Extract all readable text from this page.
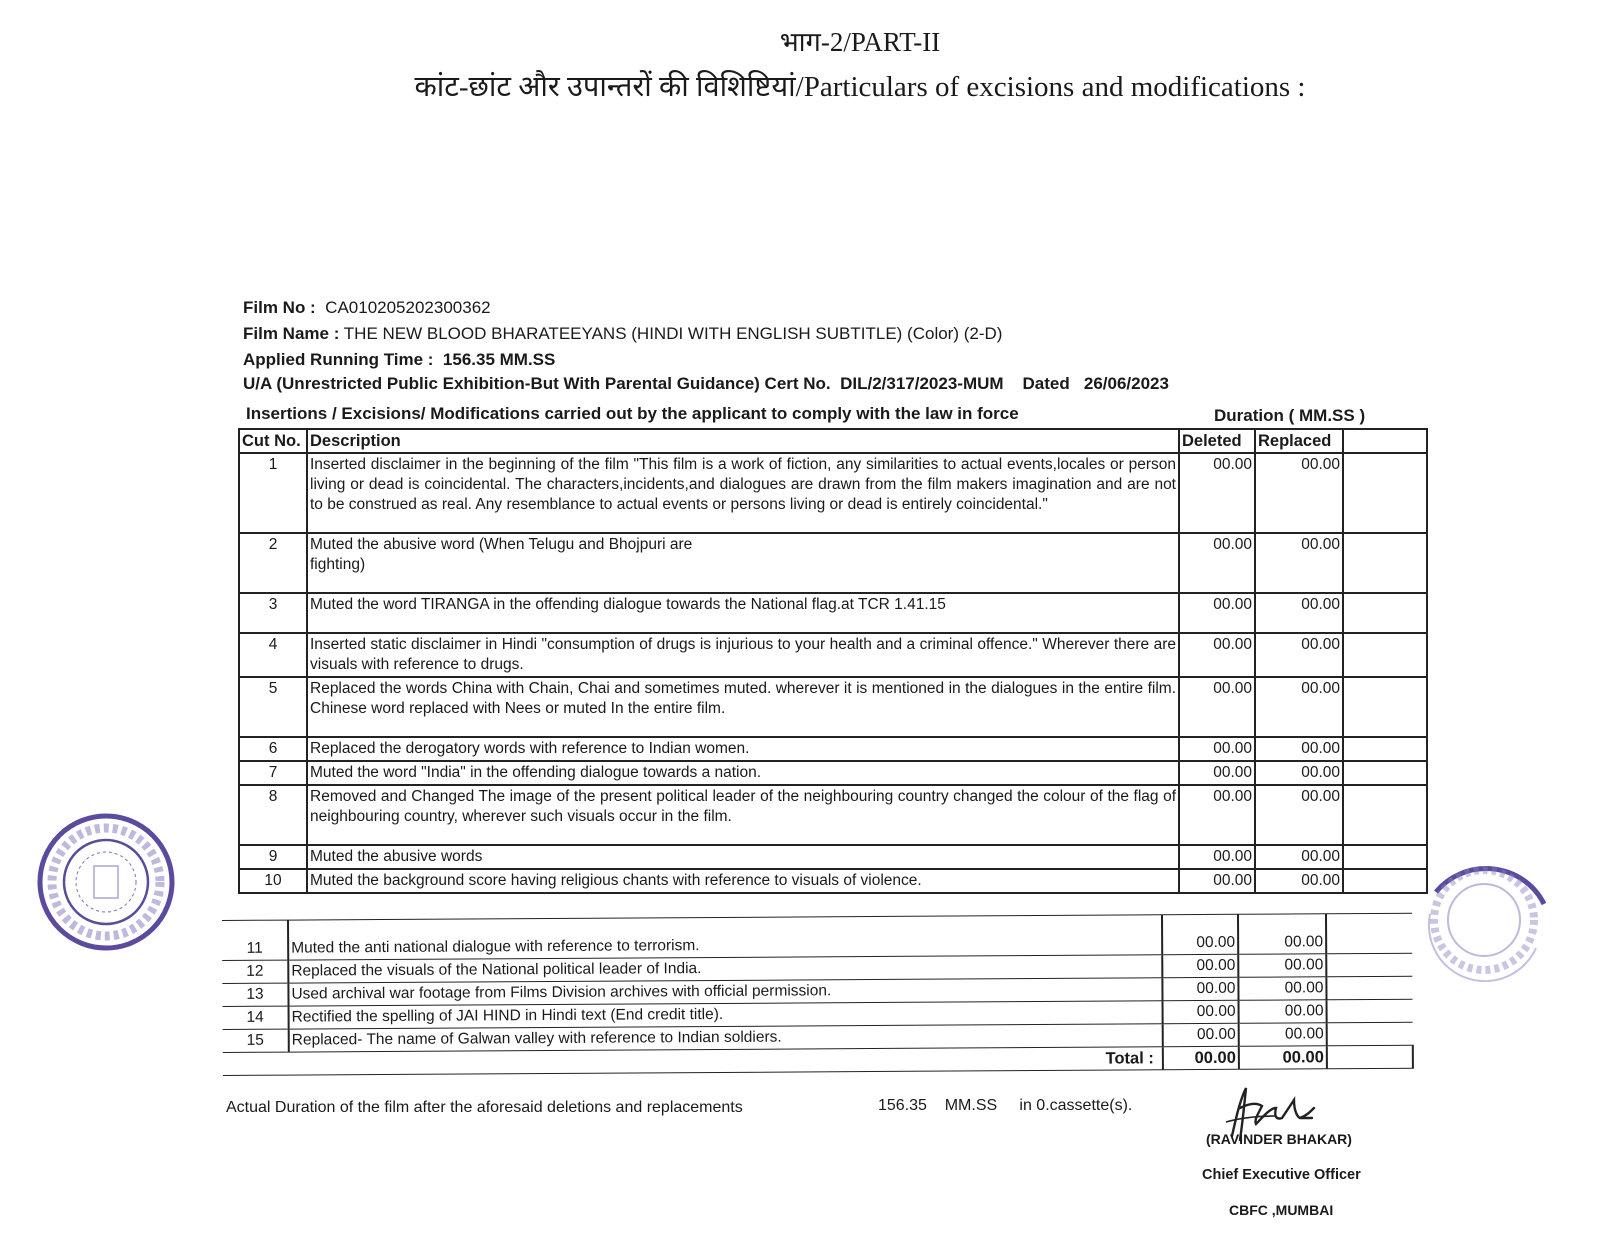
भाग-2/PART-II
कांट-छांट और उपान्तरों की विशिष्टियां/Particulars of excisions and modifications :
Film No : CA010205202300362
Film Name : THE NEW BLOOD BHARATEEYANS (HINDI WITH ENGLISH SUBTITLE) (Color) (2-D)
Applied Running Time : 156.35 MM.SS
U/A (Unrestricted Public Exhibition-But With Parental Guidance) Cert No. DIL/2/317/2023-MUM Dated 26/06/2023
Insertions / Excisions/ Modifications carried out by the applicant to comply with the law in force	Duration ( MM.SS )
Cut No.	Description	Deleted	Replaced	
1	Inserted disclaimer in the beginning of the film "This film is a work of fiction, any similarities to actual events,locales or person living or dead is coincidental. The characters,incidents,and dialogues are drawn from the film makers imagination and are not to be construed as real. Any resemblance to actual events or persons living or dead is entirely coincidental."	00.00	00.00	
2	Muted the abusive word (When Telugu and Bhojpuri are fighting)	00.00	00.00	
3	Muted the word TIRANGA in the offending dialogue towards the National flag.at TCR 1.41.15	00.00	00.00	
4	Inserted static disclaimer in Hindi "consumption of drugs is injurious to your health and a criminal offence." Wherever there are visuals with reference to drugs.	00.00	00.00	
5	Replaced the words China with Chain, Chai and sometimes muted. wherever it is mentioned in the dialogues in the entire film. Chinese word replaced with Nees or muted In the entire film.	00.00	00.00	
6	Replaced the derogatory words with reference to Indian women.	00.00	00.00	
7	Muted the word "India" in the offending dialogue towards a nation.	00.00	00.00	
8	Removed and Changed The image of the present political leader of the neighbouring country changed the colour of the flag of neighbouring country, wherever such visuals occur in the film.	00.00	00.00	
9	Muted the abusive words	00.00	00.00	
10	Muted the background score having religious chants with reference to visuals of violence.	00.00	00.00	
11	Muted the anti national dialogue with reference to terrorism.	00.00	00.00	
12	Replaced the visuals of the National political leader of India.	00.00	00.00	
13	Used archival war footage from Films Division archives with official permission.	00.00	00.00	
14	Rectified the spelling of JAI HIND in Hindi text (End credit title).	00.00	00.00	
15	Replaced- The name of Galwan valley with reference to Indian soldiers.	00.00	00.00	
Total :		00.00	00.00	
Actual Duration of the film after the aforesaid deletions and replacements	156.35 MM.SS in 0.cassette(s).
(RAVINDER BHAKAR)
Chief Executive Officer
CBFC ,MUMBAI
